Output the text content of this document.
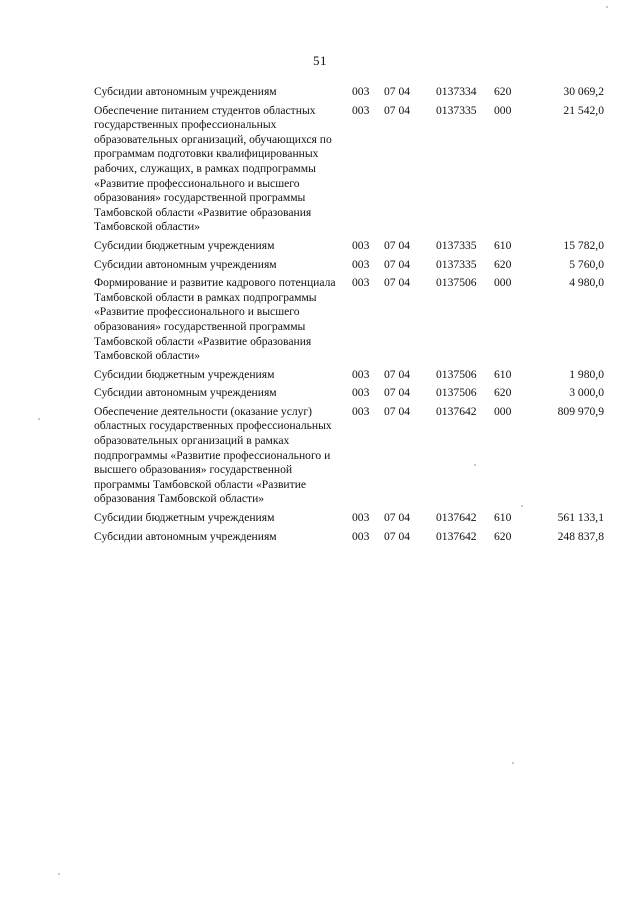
51
Субсидии автономным учреждениям	003	07 04	0137334	620	30 069,2

Обеспечение питанием студентов областных государственных профессиональных образовательных организаций, обучающихся по программам подготовки квалифицированных рабочих, служащих, в рамках подпрограммы «Развитие профессионального и высшего образования» государственной программы Тамбовской области «Развитие образования Тамбовской области»	003	07 04	0137335	000	21 542,0

Субсидии бюджетным учреждениям	003	07 04	0137335	610	15 782,0

Субсидии автономным учреждениям	003	07 04	0137335	620	5 760,0

Формирование и развитие кадрового потенциала Тамбовской области в рамках подпрограммы «Развитие профессионального и высшего образования» государственной программы Тамбовской области «Развитие образования Тамбовской области»	003	07 04	0137506	000	4 980,0

Субсидии бюджетным учреждениям	003	07 04	0137506	610	1 980,0

Субсидии автономным учреждениям	003	07 04	0137506	620	3 000,0

Обеспечение деятельности (оказание услуг) областных государственных профессиональных образовательных организаций в рамках подпрограммы «Развитие профессионального и высшего образования» государственной программы Тамбовской области «Развитие образования Тамбовской области»	003	07 04	0137642	000	809 970,9

Субсидии бюджетным учреждениям	003	07 04	0137642	610	561 133,1

Субсидии автономным учреждениям	003	07 04	0137642	620	248 837,8
